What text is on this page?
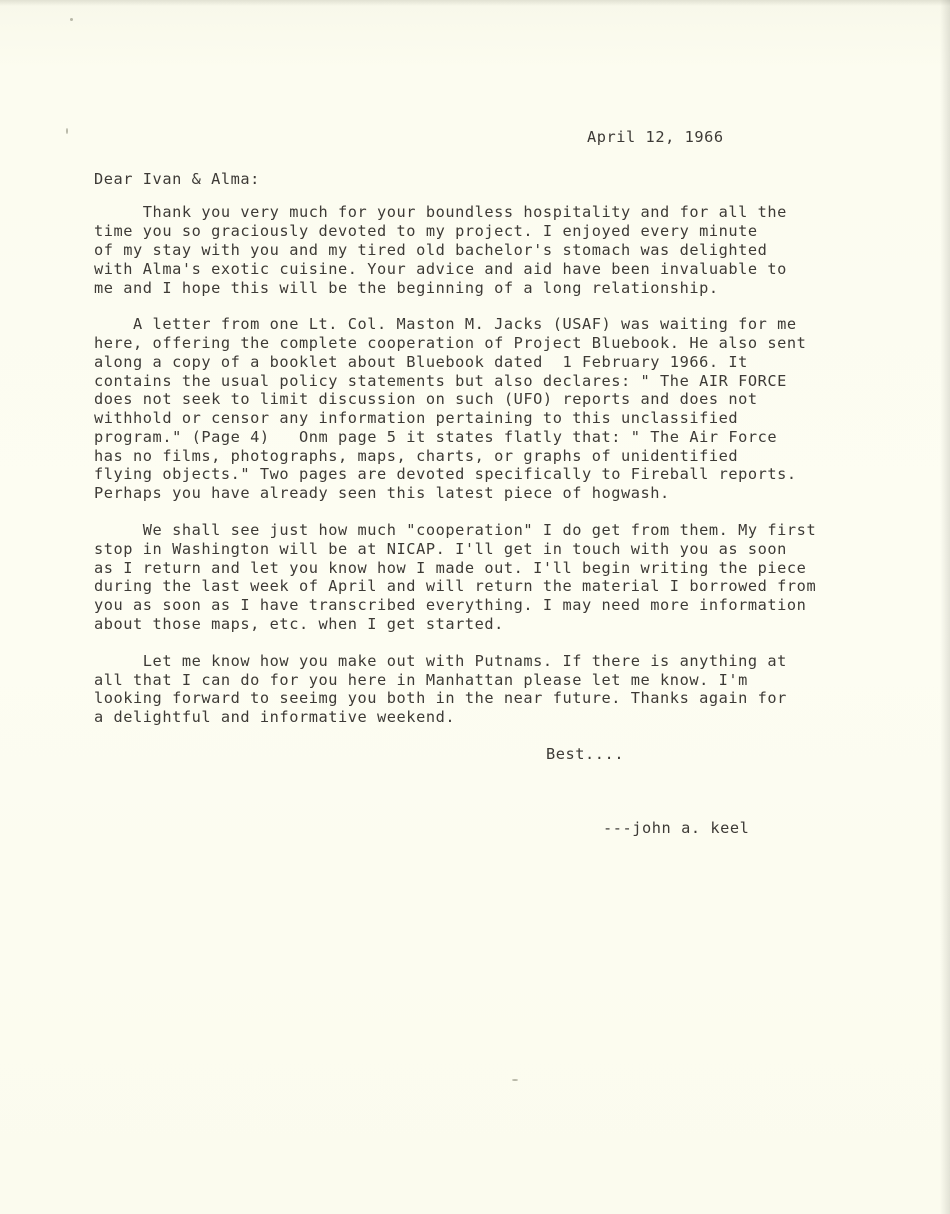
April 12, 1966
Dear Ivan & Alma:
Thank you very much for your boundless hospitality and for all the
time you so graciously devoted to my project. I enjoyed every minute
of my stay with you and my tired old bachelor's stomach was delighted
with Alma's exotic cuisine. Your advice and aid have been invaluable to
me and I hope this will be the beginning of a long relationship.
A letter from one Lt. Col. Maston M. Jacks (USAF) was waiting for me
here, offering the complete cooperation of Project Bluebook. He also sent
along a copy of a booklet about Bluebook dated  1 February 1966. It
contains the usual policy statements but also declares: " The AIR FORCE
does not seek to limit discussion on such (UFO) reports and does not
withhold or censor any information pertaining to this unclassified
program." (Page 4)   Onm page 5 it states flatly that: " The Air Force
has no films, photographs, maps, charts, or graphs of unidentified
flying objects." Two pages are devoted specifically to Fireball reports.
Perhaps you have already seen this latest piece of hogwash.
We shall see just how much "cooperation" I do get from them. My first
stop in Washington will be at NICAP. I'll get in touch with you as soon
as I return and let you know how I made out. I'll begin writing the piece
during the last week of April and will return the material I borrowed from
you as soon as I have transcribed everything. I may need more information
about those maps, etc. when I get started.
Let me know how you make out with Putnams. If there is anything at
all that I can do for you here in Manhattan please let me know. I'm
looking forward to seeimg you both in the near future. Thanks again for
a delightful and informative weekend.
Best....
---john a. keel
